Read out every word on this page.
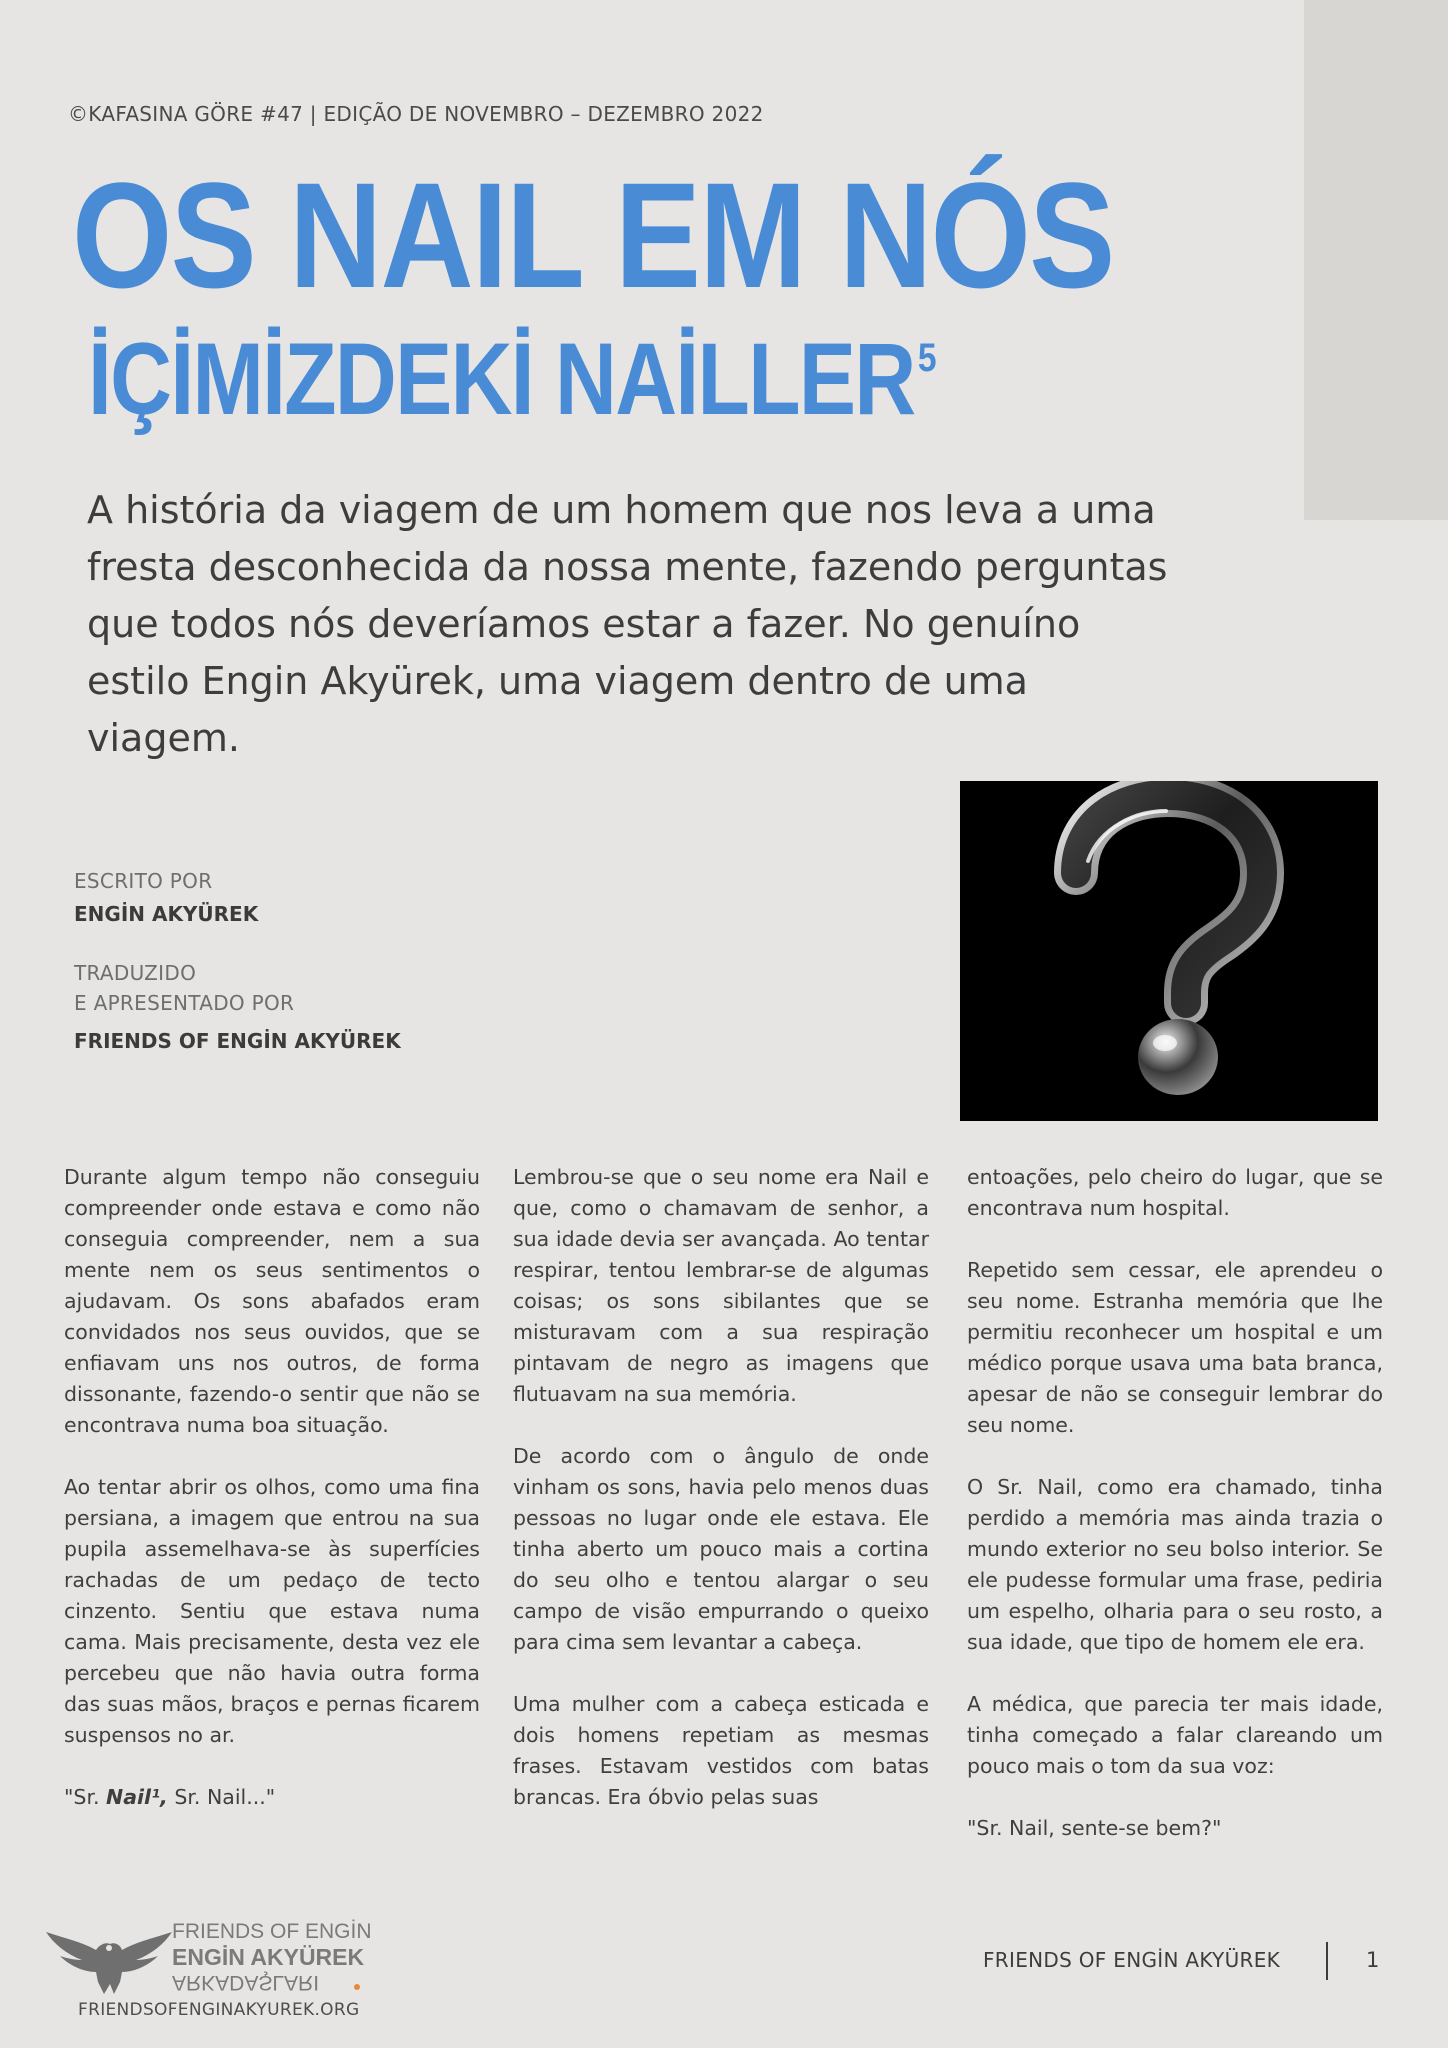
©KAFASINA GÖRE #47 | EDIÇÃO DE NOVEMBRO – DEZEMBRO 2022
OS NAIL EM NÓS
İÇİMİZDEKİ NAİLLER$^5$

A história da viagem de um homem que nos leva a uma fresta desconhecida da nossa mente, fazendo perguntas que todos nós deveríamos estar a fazer. No genuíno estilo Engin Akyürek, uma viagem dentro de uma viagem.

ESCRITO POR
ENGİN AKYÜREK
TRADUZIDO
E APRESENTADO POR
FRIENDS OF ENGİN AKYÜREK

Durante algum tempo não conseguiu compreender onde estava e como não conseguia compreender, nem a sua mente nem os seus sentimentos o ajudavam. Os sons abafados eram convidados nos seus ouvidos, que se enfiavam uns nos outros, de forma dissonante, fazendo-o sentir que não se encontrava numa boa situação.

Ao tentar abrir os olhos, como uma fina persiana, a imagem que entrou na sua pupila assemelhava-se às superfícies rachadas de um pedaço de tecto cinzento. Sentiu que estava numa cama. Mais precisamente, desta vez ele percebeu que não havia outra forma das suas mãos, braços e pernas ficarem suspensos no ar.

"Sr. Nail¹, Sr. Nail..."

Lembrou-se que o seu nome era Nail e que, como o chamavam de senhor, a sua idade devia ser avançada. Ao tentar respirar, tentou lembrar-se de algumas coisas; os sons sibilantes que se misturavam com a sua respiração pintavam de negro as imagens que flutuavam na sua memória.

De acordo com o ângulo de onde vinham os sons, havia pelo menos duas pessoas no lugar onde ele estava. Ele tinha aberto um pouco mais a cortina do seu olho e tentou alargar o seu campo de visão empurrando o queixo para cima sem levantar a cabeça.

Uma mulher com a cabeça esticada e dois homens repetiam as mesmas frases. Estavam vestidos com batas brancas. Era óbvio pelas suas

entoações, pelo cheiro do lugar, que se encontrava num hospital.

Repetido sem cessar, ele aprendeu o seu nome. Estranha memória que lhe permitiu reconhecer um hospital e um médico porque usava uma bata branca, apesar de não se conseguir lembrar do seu nome.

O Sr. Nail, como era chamado, tinha perdido a memória mas ainda trazia o mundo exterior no seu bolso interior. Se ele pudesse formular uma frase, pediria um espelho, olharia para o seu rosto, a sua idade, que tipo de homem ele era.

A médica, que parecia ter mais idade, tinha começado a falar clareando um pouco mais o tom da sua voz:

"Sr. Nail, sente-se bem?"

FRIENDS OF ENGİN
ENGİN AKYÜREK
ARKADAŞLARI
FRIENDSOFENGINAKYUREK.ORG
FRIENDS OF ENGİN AKYÜREK	1
